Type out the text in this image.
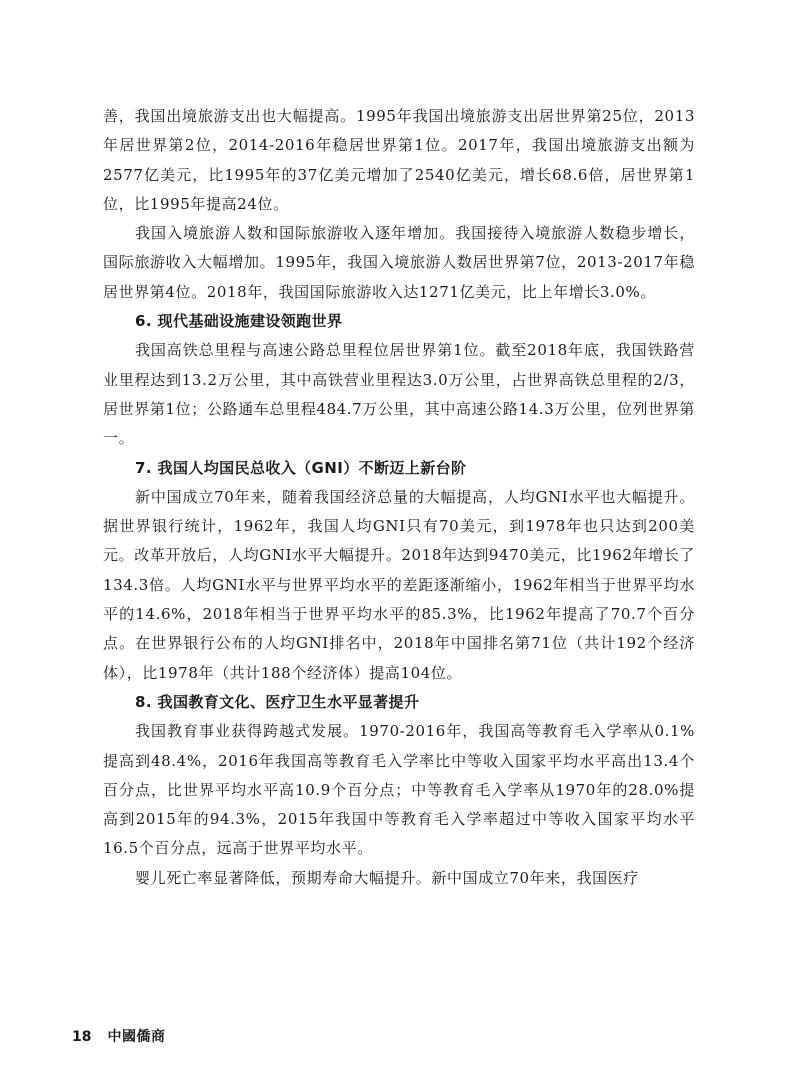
善，我国出境旅游支出也大幅提高。1995年我国出境旅游支出居世界第25位，2013年居世界第2位，2014-2016年稳居世界第1位。2017年，我国出境旅游支出额为2577亿美元，比1995年的37亿美元增加了2540亿美元，增长68.6倍，居世界第1位，比1995年提高24位。

我国入境旅游人数和国际旅游收入逐年增加。我国接待入境旅游人数稳步增长，国际旅游收入大幅增加。1995年，我国入境旅游人数居世界第7位，2013-2017年稳居世界第4位。2018年，我国国际旅游收入达1271亿美元，比上年增长3.0%。

6. 现代基础设施建设领跑世界

我国高铁总里程与高速公路总里程位居世界第1位。截至2018年底，我国铁路营业里程达到13.2万公里，其中高铁营业里程达3.0万公里，占世界高铁总里程的2/3，居世界第1位；公路通车总里程484.7万公里，其中高速公路14.3万公里，位列世界第一。

7. 我国人均国民总收入（GNI）不断迈上新台阶

新中国成立70年来，随着我国经济总量的大幅提高，人均GNI水平也大幅提升。据世界银行统计，1962年，我国人均GNI只有70美元，到1978年也只达到200美元。改革开放后，人均GNI水平大幅提升。2018年达到9470美元，比1962年增长了134.3倍。人均GNI水平与世界平均水平的差距逐渐缩小，1962年相当于世界平均水平的14.6%，2018年相当于世界平均水平的85.3%，比1962年提高了70.7个百分点。在世界银行公布的人均GNI排名中，2018年中国排名第71位（共计192个经济体），比1978年（共计188个经济体）提高104位。

8. 我国教育文化、医疗卫生水平显著提升

我国教育事业获得跨越式发展。1970-2016年，我国高等教育毛入学率从0.1%提高到48.4%，2016年我国高等教育毛入学率比中等收入国家平均水平高出13.4个百分点，比世界平均水平高10.9个百分点；中等教育毛入学率从1970年的28.0%提高到2015年的94.3%，2015年我国中等教育毛入学率超过中等收入国家平均水平16.5个百分点，远高于世界平均水平。

婴儿死亡率显著降低，预期寿命大幅提升。新中国成立70年来，我国医疗

18 中國僑商
